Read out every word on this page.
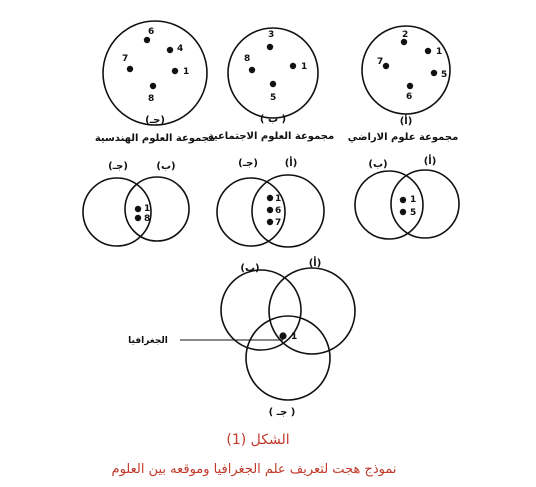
6
4
1
8
7
(جـ)
مجموعة العلوم الهندسية
3
1
5
8
( ب )
مجموعة العلوم الاجتماعية
2
1
5
6
7
(أ)
مجموعة علوم الاراضي
(جـ)	(ب)
1
8
(جـ)	(أ)
1
6
7
(ب)	(أ)
1
5
(ب)	(أ)
1
الجغرافيا
( جـ )
الشكل (1)
نموذج هجت لتعريف علم الجغرافيا وموقعه بين العلوم
